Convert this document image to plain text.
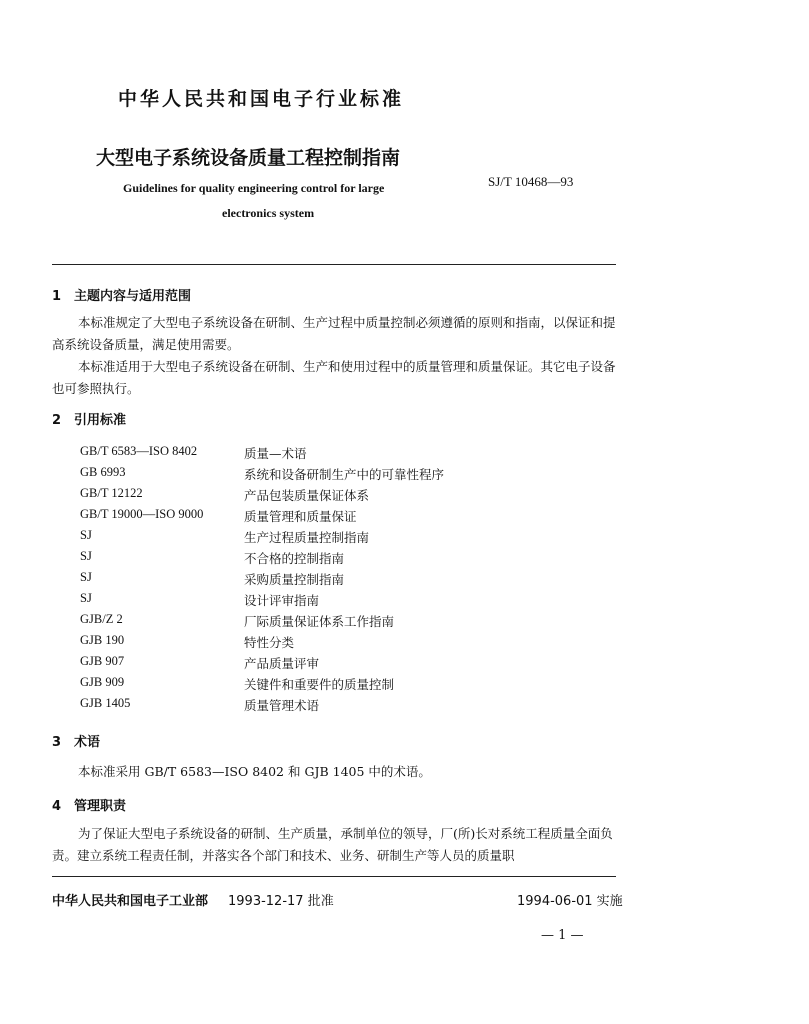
中华人民共和国电子行业标准
大型电子系统设备质量工程控制指南
Guidelines for quality engineering control for large
electronics system
SJ/T 10468—93
1 主题内容与适用范围

本标准规定了大型电子系统设备在研制、生产过程中质量控制必须遵循的原则和指南，以保证和提高系统设备质量，满足使用需要。

本标准适用于大型电子系统设备在研制、生产和使用过程中的质量管理和质量保证。其它电子设备也可参照执行。

2 引用标准
GB/T 6583—ISO 8402	质量—术语
GB 6993	系统和设备研制生产中的可靠性程序
GB/T 12122	产品包装质量保证体系
GB/T 19000—ISO 9000	质量管理和质量保证
SJ	生产过程质量控制指南
SJ	不合格的控制指南
SJ	采购质量控制指南
SJ	设计评审指南
GJB/Z 2	厂际质量保证体系工作指南
GJB 190	特性分类
GJB 907	产品质量评审
GJB 909	关键件和重要件的质量控制
GJB 1405	质量管理术语
3 术语

本标准采用 GB/T 6583—ISO 8402 和 GJB 1405 中的术语。

4 管理职责

为了保证大型电子系统设备的研制、生产质量，承制单位的领导，厂(所)长对系统工程质量全面负责。建立系统工程责任制，并落实各个部门和技术、业务、研制生产等人员的质量职

中华人民共和国电子工业部 1993-12-17 批准	1994-06-01 实施
— 1 —
